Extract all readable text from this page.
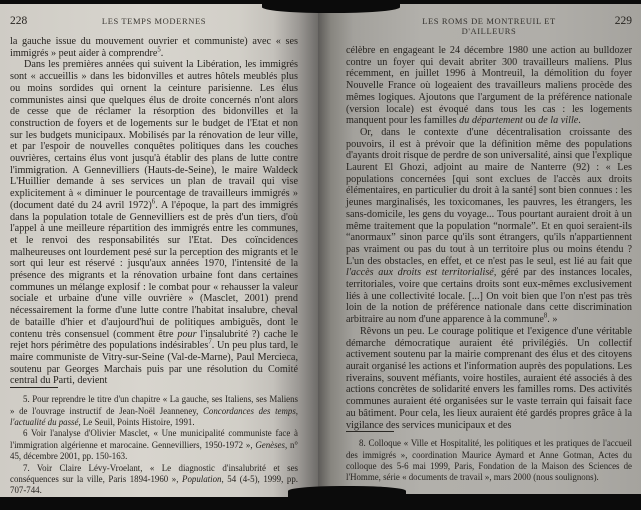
228	LES TEMPS MODERNES

la gauche issue du mouvement ouvrier et communiste) avec « ses immigrés » peut aider à comprendre$^5$.

Dans les premières années qui suivent la Libération, les immigrés sont « accueillis » dans les bidonvilles et autres hôtels meublés plus ou moins sordides qui ornent la ceinture parisienne. Les élus communistes ainsi que quelques élus de droite concernés n'ont alors de cesse que de réclamer la résorption des bidonvilles et la construction de foyers et de logements sur le budget de l'Etat et non sur les budgets municipaux. Mobilisés par la rénovation de leur ville, et par l'espoir de nouvelles conquêtes politiques dans les couches ouvrières, certains élus vont jusqu'à établir des plans de lutte contre l'immigration. A Gennevilliers (Hauts-de-Seine), le maire Waldeck L'Huillier demande à ses services un plan de travail qui vise explicitement à « diminuer le pourcentage de travailleurs immigrés » (document daté du 24 avril 1972)$^6$. A l'époque, la part des immigrés dans la population totale de Gennevilliers est de près d'un tiers, d'où l'appel à une meilleure répartition des immigrés entre les communes, et le renvoi des responsabilités sur l'Etat. Des coïncidences malheureuses ont lourdement pesé sur la perception des migrants et le sort qui leur est réservé : jusqu'aux années 1970, l'intensité de la présence des migrants et la rénovation urbaine font dans certaines communes un mélange explosif : le combat pour « rehausser la valeur sociale et urbaine d'une ville ouvrière » (Masclet, 2001) prend nécessairement la forme d'une lutte contre l'habitat insalubre, cheval de bataille d'hier et d'aujourd'hui de politiques ambiguës, dont le contenu très consensuel (comment être pour l'insalubrité ?) cache le rejet hors périmètre des populations indésirables$^7$. Un peu plus tard, le maire communiste de Vitry-sur-Seine (Val-de-Marne), Paul Mercieca, soutenu par Georges Marchais puis par une résolution du Comité central du Parti, devient

5. Pour reprendre le titre d'un chapitre « La gauche, ses Italiens, ses Maliens » de l'ouvrage instructif de Jean-Noël Jeanneney, Concordances des temps, l'actualité du passé, Le Seuil, Points Histoire, 1991.

6 Voir l'analyse d'Olivier Masclet, « Une municipalité communiste face à l'immigration algérienne et marocaine. Gennevilliers, 1950-1972 », Genèses, n° 45, décembre 2001, pp. 150-163.

7. Voir Claire Lévy-Vroelant, « Le diagnostic d'insalubrité et ses conséquences sur la ville, Paris 1894-1960 », Population, 54 (4-5), 1999, pp. 707-744.

LES ROMS DE MONTREUIL ET D'AILLEURS
229

célèbre en engageant le 24 décembre 1980 une action au bulldozer contre un foyer qui devait abriter 300 travailleurs maliens. Plus récemment, en juillet 1996 à Montreuil, la démolition du foyer Nouvelle France où logeaient des travailleurs maliens procède des mêmes logiques. Ajoutons que l'argument de la préférence nationale (version locale) est évoqué dans tous les cas : les logements manquent pour les familles du département ou de la ville.

Or, dans le contexte d'une décentralisation croissante des pouvoirs, il est à prévoir que la définition même des populations d'ayants droit risque de perdre de son universalité, ainsi que l'explique Laurent El Ghozi, adjoint au maire de Nanterre (92) : « Les populations concernées [qui sont exclues de l'accès aux droits élémentaires, en particulier du droit à la santé] sont bien connues : les jeunes marginalisés, les toxicomanes, les pauvres, les étrangers, les sans-domicile, les gens du voyage... Tous pourtant auraient droit à un même traitement que la population “normale”. Et en quoi seraient-ils “anormaux” sinon parce qu'ils sont étrangers, qu'ils n'appartiennent pas vraiment ou pas du tout à un territoire plus ou moins étendu ? L'un des obstacles, en effet, et ce n'est pas le seul, est lié au fait que l'accès aux droits est territorialisé, géré par des instances locales, territoriales, voire que certains droits sont eux-mêmes exclusivement liés à une collectivité locale. [...] On voit bien que l'on n'est pas très loin de la notion de préférence nationale dans cette discrimination arbitraire au nom d'une apparence à la commune$^8$. »

Rêvons un peu. Le courage politique et l'exigence d'une véritable démarche démocratique auraient été privilégiés. Un collectif activement soutenu par la mairie comprenant des élus et des citoyens aurait organisé les actions et l'information auprès des populations. Les riverains, souvent méfiants, voire hostiles, auraient été associés à des actions concrètes de solidarité envers les familles roms. Des activités communes auraient été organisées sur le vaste terrain qui faisait face au bâtiment. Pour cela, les lieux auraient été gardés propres grâce à la vigilance des services municipaux et des

8. Colloque « Ville et Hospitalité, les politiques et les pratiques de l'accueil des immigrés », coordination Maurice Aymard et Anne Gotman, Actes du colloque des 5-6 mai 1999, Paris, Fondation de la Maison des Sciences de l'Homme, série « documents de travail », mars 2000 (nous soulignons).
